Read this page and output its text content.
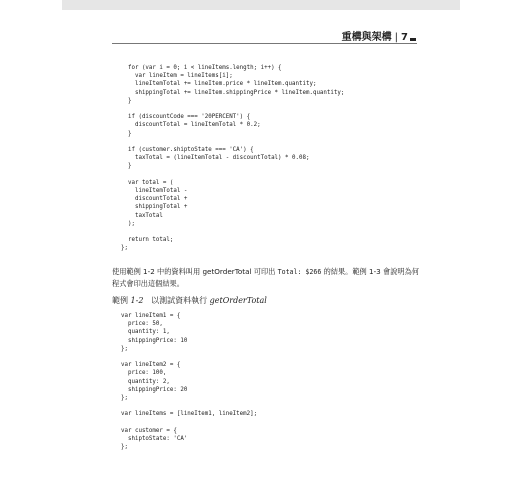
重構與架構 | 7
for (var i = 0; i < lineItems.length; i++) {
var lineItem = lineItems[i];
lineItemTotal += lineItem.price * lineItem.quantity;
shippingTotal += lineItem.shippingPrice * lineItem.quantity;
}

if (discountCode === '20PERCENT') {
discountTotal = lineItemTotal * 0.2;
}

if (customer.shiptoState === 'CA') {
taxTotal = (lineItemTotal - discountTotal) * 0.08;
}

var total = (
lineItemTotal -
discountTotal +
shippingTotal +
taxTotal
);

return total;
};
使用範例 1-2 中的資料叫用 getOrderTotal 可印出 Total: $266 的結果。範例 1-3 會說明為何程式會印出這個結果。
範例 1-2 以測試資料執行 getOrderTotal
var lineItem1 = {
price: 50,
quantity: 1,
shippingPrice: 10
};

var lineItem2 = {
price: 100,
quantity: 2,
shippingPrice: 20
};

var lineItems = [lineItem1, lineItem2];

var customer = {
shiptoState: 'CA'
};
